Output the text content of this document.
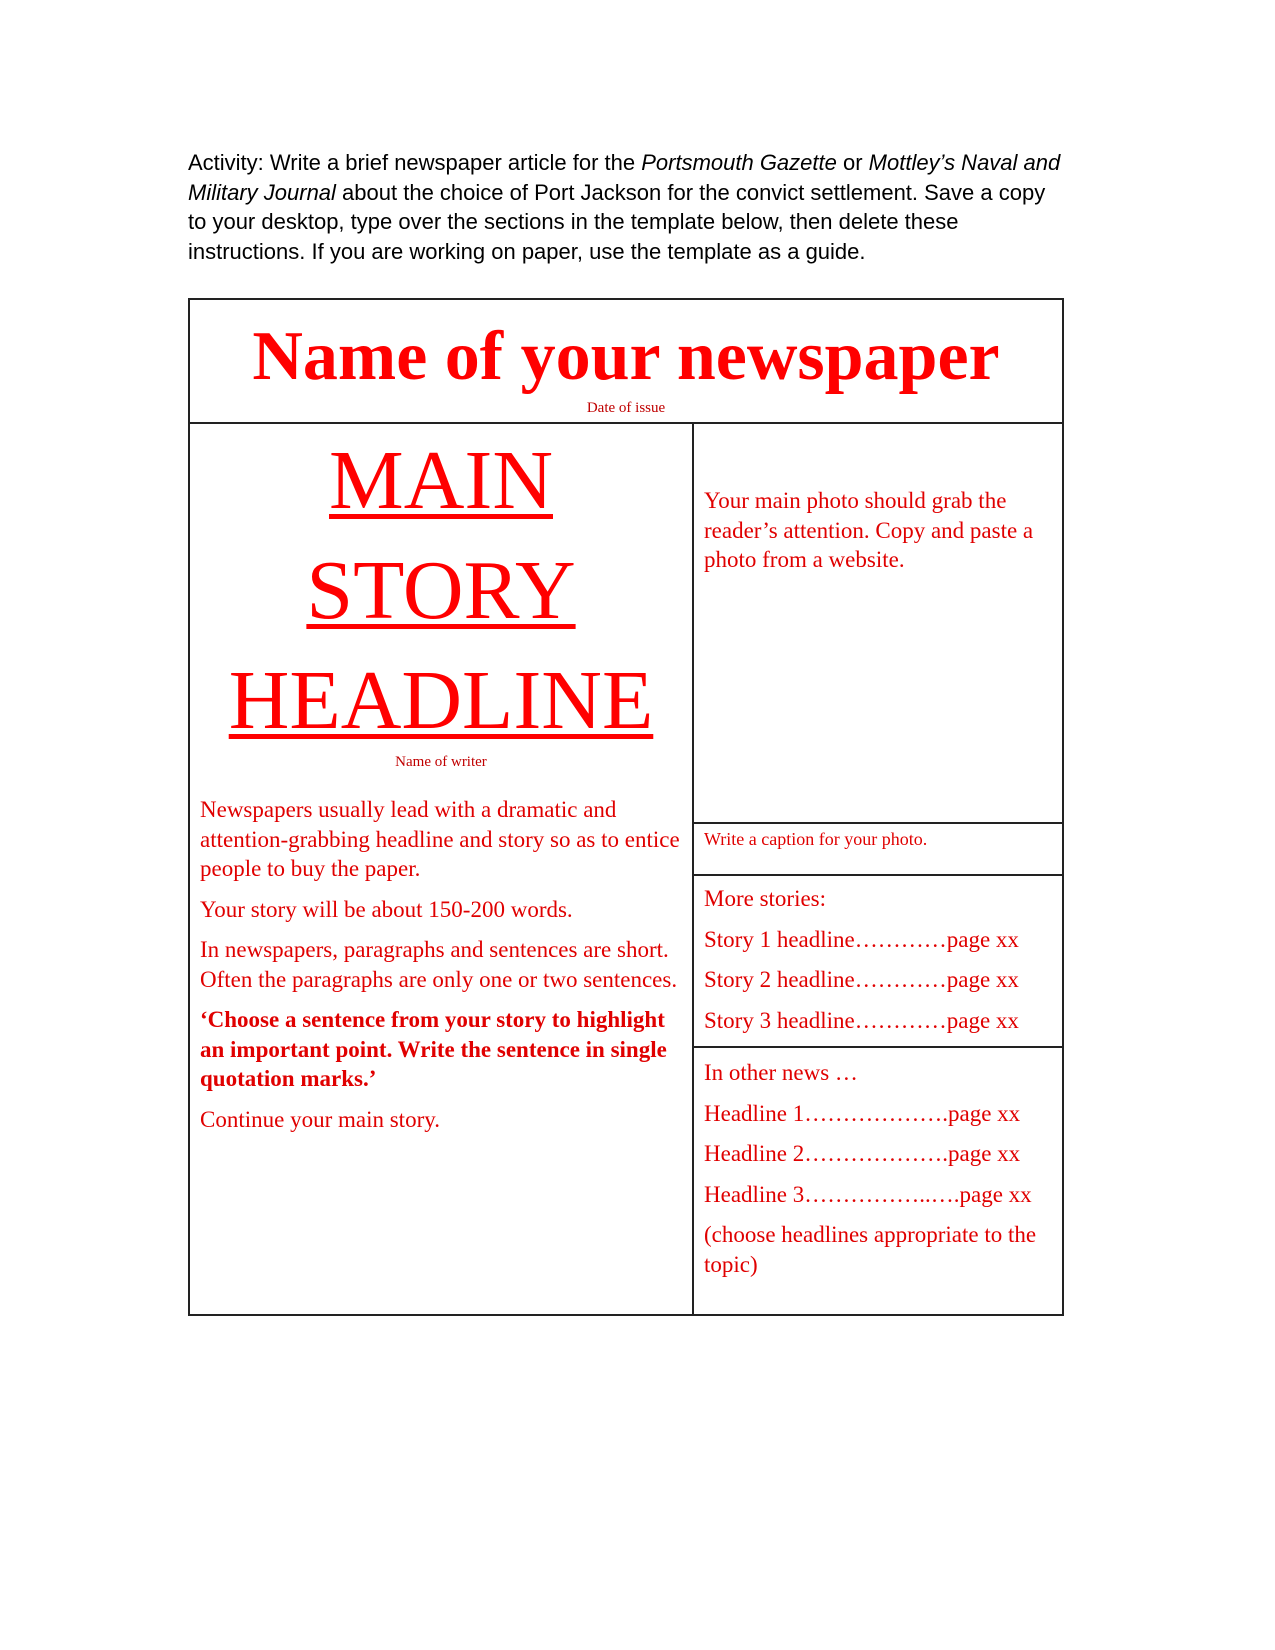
Activity: Write a brief newspaper article for the Portsmouth Gazette or Mottley’s Naval and Military Journal about the choice of Port Jackson for the convict settlement. Save a copy to your desktop, type over the sections in the template below, then delete these instructions. If you are working on paper, use the template as a guide.
Name of your newspaper
Date of issue
MAIN
STORY
HEADLINE
Name of writer

Newspapers usually lead with a dramatic and attention-grabbing headline and story so as to entice people to buy the paper.

Your story will be about 150-200 words.

In newspapers, paragraphs and sentences are short. Often the paragraphs are only one or two sentences.

‘Choose a sentence from your story to highlight an important point. Write the sentence in single quotation marks.’

Continue your main story.

Your main photo should grab the reader’s attention. Copy and paste a photo from a website.
Write a caption for your photo.
More stories:
Story 1 headline…………page xx
Story 2 headline…………page xx
Story 3 headline…………page xx
In other news …
Headline 1……………….page xx
Headline 2……………….page xx
Headline 3……………..….page xx
(choose headlines appropriate to the topic)
